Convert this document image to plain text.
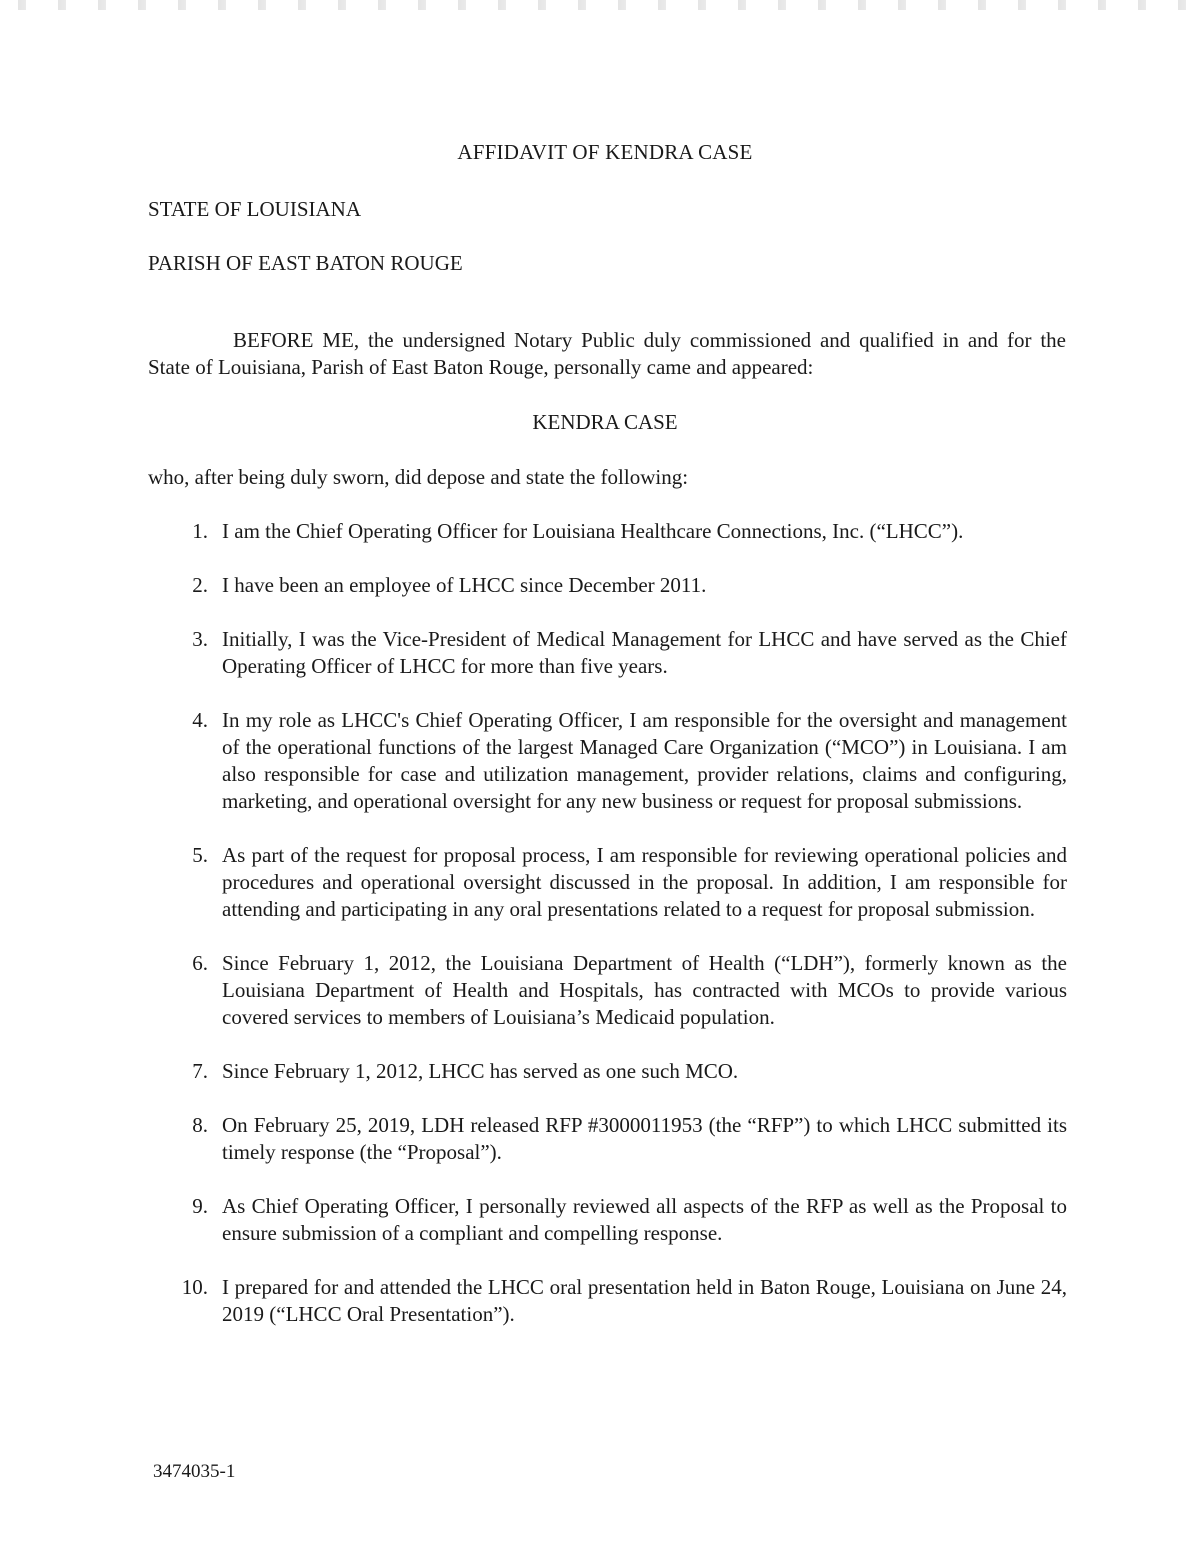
AFFIDAVIT OF KENDRA CASE
STATE OF LOUISIANA
PARISH OF EAST BATON ROUGE

BEFORE ME, the undersigned Notary Public duly commissioned and qualified in and for the State of Louisiana, Parish of East Baton Rouge, personally came and appeared:

KENDRA CASE
who, after being duly sworn, did depose and state the following:
1. I am the Chief Operating Officer for Louisiana Healthcare Connections, Inc. (“LHCC”).
2. I have been an employee of LHCC since December 2011.
3. Initially, I was the Vice-President of Medical Management for LHCC and have served as the Chief Operating Officer of LHCC for more than five years.
4. In my role as LHCC's Chief Operating Officer, I am responsible for the oversight and management of the operational functions of the largest Managed Care Organization (“MCO”) in Louisiana. I am also responsible for case and utilization management, provider relations, claims and configuring, marketing, and operational oversight for any new business or request for proposal submissions.
5. As part of the request for proposal process, I am responsible for reviewing operational policies and procedures and operational oversight discussed in the proposal. In addition, I am responsible for attending and participating in any oral presentations related to a request for proposal submission.
6. Since February 1, 2012, the Louisiana Department of Health (“LDH”), formerly known as the Louisiana Department of Health and Hospitals, has contracted with MCOs to provide various covered services to members of Louisiana’s Medicaid population.
7. Since February 1, 2012, LHCC has served as one such MCO.
8. On February 25, 2019, LDH released RFP #3000011953 (the “RFP”) to which LHCC submitted its timely response (the “Proposal”).
9. As Chief Operating Officer, I personally reviewed all aspects of the RFP as well as the Proposal to ensure submission of a compliant and compelling response.
10. I prepared for and attended the LHCC oral presentation held in Baton Rouge, Louisiana on June 24, 2019 (“LHCC Oral Presentation”).
3474035-1
